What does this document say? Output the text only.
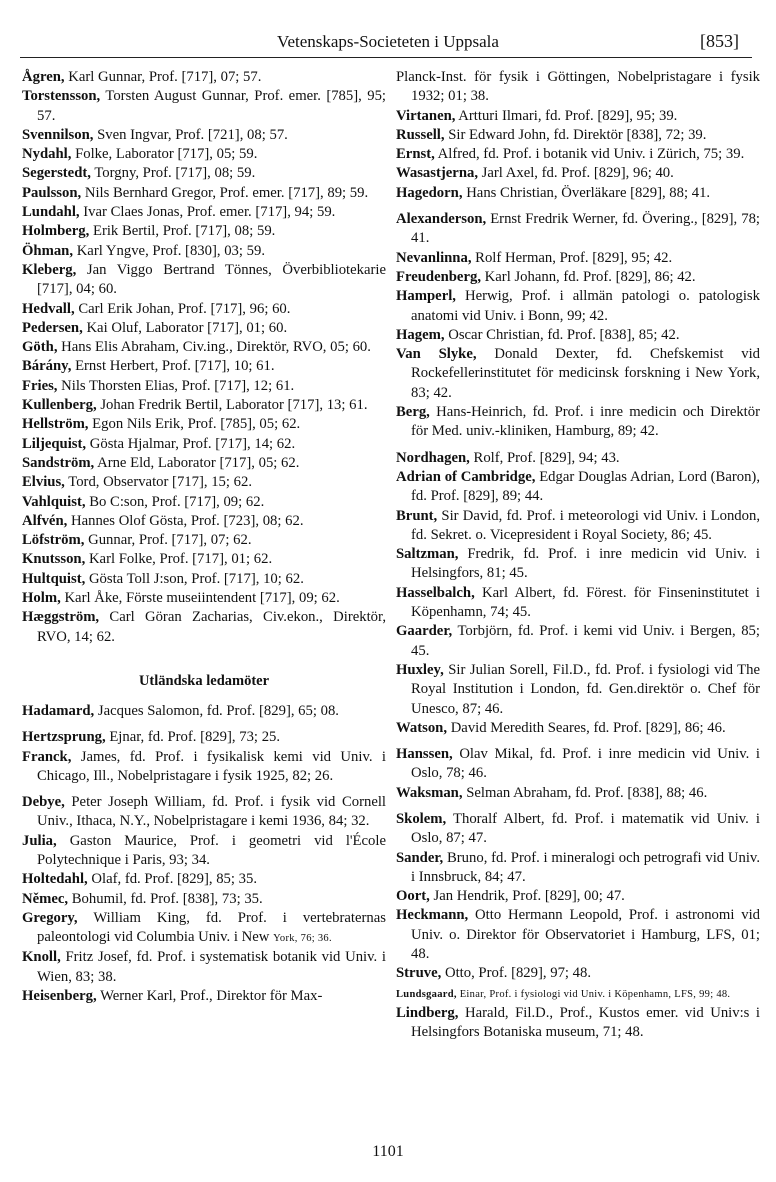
Vetenskaps-Societeten i Uppsala	[853]
Ågren, Karl Gunnar, Prof. [717], 07; 57.
Torstensson, Torsten August Gunnar, Prof. emer. [785], 95; 57.
Svennilson, Sven Ingvar, Prof. [721], 08; 57.
Nydahl, Folke, Laborator [717], 05; 59.
Segerstedt, Torgny, Prof. [717], 08; 59.
Paulsson, Nils Bernhard Gregor, Prof. emer. [717], 89; 59.
Lundahl, Ivar Claes Jonas, Prof. emer. [717], 94; 59.
Holmberg, Erik Bertil, Prof. [717], 08; 59.
Öhman, Karl Yngve, Prof. [830], 03; 59.
Kleberg, Jan Viggo Bertrand Tönnes, Överbibliotekarie [717], 04; 60.
Hedvall, Carl Erik Johan, Prof. [717], 96; 60.
Pedersen, Kai Oluf, Laborator [717], 01; 60.
Göth, Hans Elis Abraham, Civ.ing., Direktör, RVO, 05; 60.
Bárány, Ernst Herbert, Prof. [717], 10; 61.
Fries, Nils Thorsten Elias, Prof. [717], 12; 61.
Kullenberg, Johan Fredrik Bertil, Laborator [717], 13; 61.
Hellström, Egon Nils Erik, Prof. [785], 05; 62.
Liljequist, Gösta Hjalmar, Prof. [717], 14; 62.
Sandström, Arne Eld, Laborator [717], 05; 62.
Elvius, Tord, Observator [717], 15; 62.
Vahlquist, Bo C:son, Prof. [717], 09; 62.
Alfvén, Hannes Olof Gösta, Prof. [723], 08; 62.
Löfström, Gunnar, Prof. [717], 07; 62.
Knutsson, Karl Folke, Prof. [717], 01; 62.
Hultquist, Gösta Toll J:son, Prof. [717], 10; 62.
Holm, Karl Åke, Förste museiintendent [717], 09; 62.
Hæggström, Carl Göran Zacharias, Civ.ekon., Direktör, RVO, 14; 62.
Utländska ledamöter
Hadamard, Jacques Salomon, fd. Prof. [829], 65; 08.
Hertzsprung, Ejnar, fd. Prof. [829], 73; 25.
Franck, James, fd. Prof. i fysikalisk kemi vid Univ. i Chicago, Ill., Nobelpristagare i fysik 1925, 82; 26.
Debye, Peter Joseph William, fd. Prof. i fysik vid Cornell Univ., Ithaca, N.Y., Nobelpristagare i kemi 1936, 84; 32.
Julia, Gaston Maurice, Prof. i geometri vid l'École Polytechnique i Paris, 93; 34.
Holtedahl, Olaf, fd. Prof. [829], 85; 35.
Němec, Bohumil, fd. Prof. [838], 73; 35.
Gregory, William King, fd. Prof. i vertebraternas paleontologi vid Columbia Univ. i New York, 76; 36.
Knoll, Fritz Josef, fd. Prof. i systematisk botanik vid Univ. i Wien, 83; 38.
Heisenberg, Werner Karl, Prof., Direktor för Max-
Planck-Inst. för fysik i Göttingen, Nobelpristagare i fysik 1932; 01; 38.
Virtanen, Artturi Ilmari, fd. Prof. [829], 95; 39.
Russell, Sir Edward John, fd. Direktör [838], 72; 39.
Ernst, Alfred, fd. Prof. i botanik vid Univ. i Zürich, 75; 39.
Wasastjerna, Jarl Axel, fd. Prof. [829], 96; 40.
Hagedorn, Hans Christian, Överläkare [829], 88; 41.
Alexanderson, Ernst Fredrik Werner, fd. Övering., [829], 78; 41.
Nevanlinna, Rolf Herman, Prof. [829], 95; 42.
Freudenberg, Karl Johann, fd. Prof. [829], 86; 42.
Hamperl, Herwig, Prof. i allmän patologi o. patologisk anatomi vid Univ. i Bonn, 99; 42.
Hagem, Oscar Christian, fd. Prof. [838], 85; 42.
Van Slyke, Donald Dexter, fd. Chefskemist vid Rockefellerinstitutet för medicinsk forskning i New York, 83; 42.
Berg, Hans-Heinrich, fd. Prof. i inre medicin och Direktör för Med. univ.-kliniken, Hamburg, 89; 42.
Nordhagen, Rolf, Prof. [829], 94; 43.
Adrian of Cambridge, Edgar Douglas Adrian, Lord (Baron), fd. Prof. [829], 89; 44.
Brunt, Sir David, fd. Prof. i meteorologi vid Univ. i London, fd. Sekret. o. Vicepresident i Royal Society, 86; 45.
Saltzman, Fredrik, fd. Prof. i inre medicin vid Univ. i Helsingfors, 81; 45.
Hasselbalch, Karl Albert, fd. Förest. för Finseninstitutet i Köpenhamn, 74; 45.
Gaarder, Torbjörn, fd. Prof. i kemi vid Univ. i Bergen, 85; 45.
Huxley, Sir Julian Sorell, Fil.D., fd. Prof. i fysiologi vid The Royal Institution i London, fd. Gen.direktör o. Chef för Unesco, 87; 46.
Watson, David Meredith Seares, fd. Prof. [829], 86; 46.
Hanssen, Olav Mikal, fd. Prof. i inre medicin vid Univ. i Oslo, 78; 46.
Waksman, Selman Abraham, fd. Prof. [838], 88; 46.
Skolem, Thoralf Albert, fd. Prof. i matematik vid Univ. i Oslo, 87; 47.
Sander, Bruno, fd. Prof. i mineralogi och petrografi vid Univ. i Innsbruck, 84; 47.
Oort, Jan Hendrik, Prof. [829], 00; 47.
Heckmann, Otto Hermann Leopold, Prof. i astronomi vid Univ. o. Direktor för Observatoriet i Hamburg, LFS, 01; 48.
Struve, Otto, Prof. [829], 97; 48.
Lundsgaard, Einar, Prof. i fysiologi vid Univ. i Köpenhamn, LFS, 99; 48.
Lindberg, Harald, Fil.D., Prof., Kustos emer. vid Univ:s i Helsingfors Botaniska museum, 71; 48.
1101
